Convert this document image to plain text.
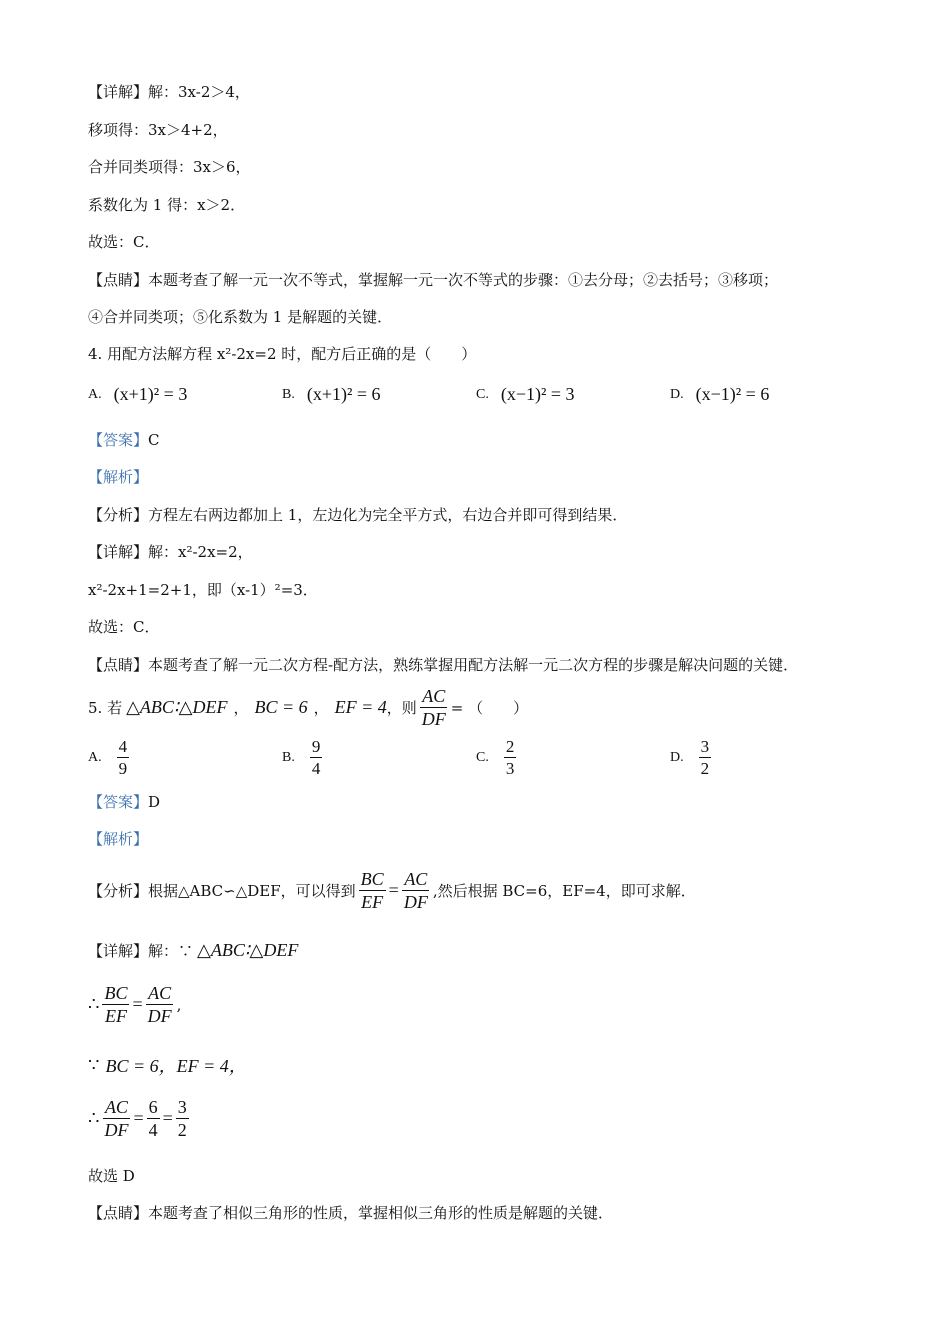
【详解】解：3x-2＞4，
移项得：3x＞4+2，
合并同类项得：3x＞6，
系数化为 1 得：x＞2．
故选：C．
【点睛】本题考查了解一元一次不等式，掌握解一元一次不等式的步骤：①去分母；②去括号；③移项；
④合并同类项；⑤化系数为 1 是解题的关键．
4. 用配方法解方程 x²-2x=2 时，配方后正确的是（　　）
A. (x+1)² = 3	B. (x+1)² = 6	C. (x−1)² = 3	D. (x−1)² = 6
【答案】C
【解析】
【分析】方程左右两边都加上 1，左边化为完全平方式，右边合并即可得到结果．
【详解】解：x²-2x=2，
x²-2x+1=2+1，即（x-1）²=3．
故选：C．
【点睛】本题考查了解一元二次方程-配方法，熟练掌握用配方法解一元二次方程的步骤是解决问题的关键．
5. 若 △ABC∶△DEF ， BC = 6 ， EF = 4 ，则 $\frac{AC}{DF}$ = （　　）
A. $\frac{4}{9}$	B. $\frac{9}{4}$	C. $\frac{2}{3}$	D. $\frac{3}{2}$
【答案】D
【解析】
【分析】 根据△ABC∽△DEF，可以得到 $\frac{BC}{EF} = \frac{AC}{DF}$ ,然后根据 BC=6，EF=4，即可求解．
【详解】 解：∵ △ABC∶△DEF
∴ $\frac{BC}{EF} = \frac{AC}{DF}$ ,
∵ BC = 6，EF = 4，
∴ $\frac{AC}{DF} = \frac{6}{4} = \frac{3}{2}$
故选 D
【点睛】本题考查了相似三角形的性质，掌握相似三角形的性质是解题的关键．
